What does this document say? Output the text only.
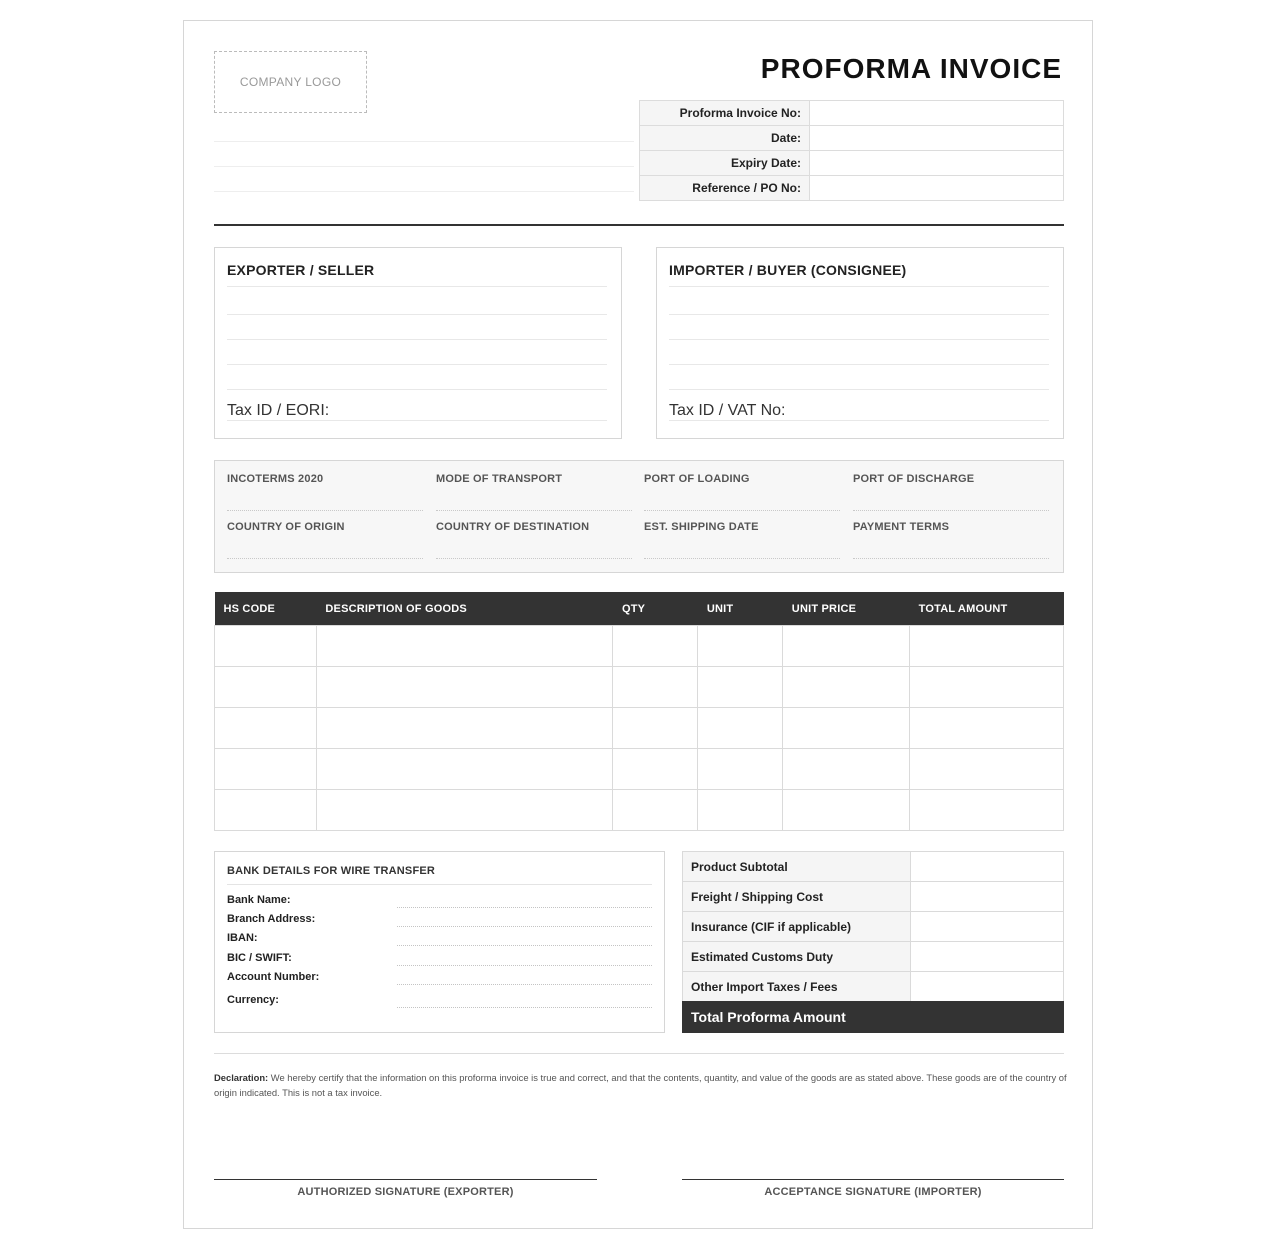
COMPANY LOGO	PROFORMA INVOICE
Proforma Invoice No:	
Date:	
Expiry Date:	
Reference / PO No:	
EXPORTER / SELLER
Tax ID / EORI:
IMPORTER / BUYER (CONSIGNEE)
Tax ID / VAT No:
INCOTERMS 2020	MODE OF TRANSPORT	PORT OF LOADING	PORT OF DISCHARGE
COUNTRY OF ORIGIN	COUNTRY OF DESTINATION	EST. SHIPPING DATE	PAYMENT TERMS
HS CODE	DESCRIPTION OF GOODS	QTY	UNIT	UNIT PRICE	TOTAL AMOUNT

BANK DETAILS FOR WIRE TRANSFER
Bank Name:
Branch Address:
IBAN:
BIC / SWIFT:
Account Number:
Currency:
Product Subtotal	
Freight / Shipping Cost	
Insurance (CIF if applicable)	
Estimated Customs Duty	
Other Import Taxes / Fees	
Total Proforma Amount
Declaration: We hereby certify that the information on this proforma invoice is true and correct, and that the contents, quantity, and value of the goods are as stated above. These goods are of the country of origin indicated. This is not a tax invoice.
AUTHORIZED SIGNATURE (EXPORTER)	ACCEPTANCE SIGNATURE (IMPORTER)
